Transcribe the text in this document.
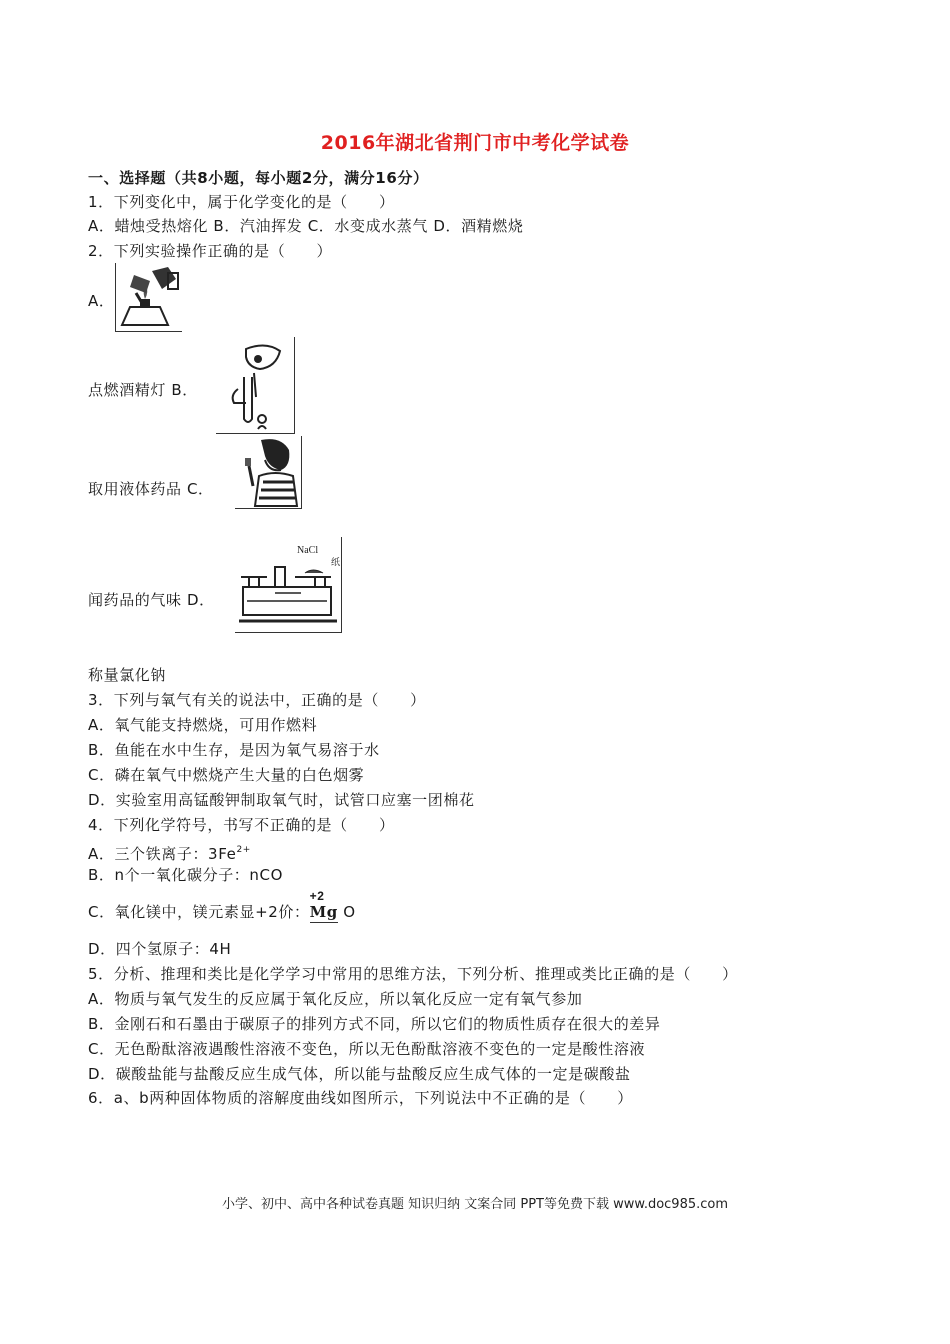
2016年湖北省荆门市中考化学试卷
一、选择题（共8小题，每小题2分，满分16分）
1．下列变化中，属于化学变化的是（　　）
A．蜡烛受热熔化 B．汽油挥发 C．水变成水蒸气 D．酒精燃烧
2．下列实验操作正确的是（　　）
A．
点燃酒精灯 B．
取用液体药品 C．
闻药品的气味 D．
NaCl
纸
称量氯化钠
3．下列与氧气有关的说法中，正确的是（　　）
A．氧气能支持燃烧，可用作燃料
B．鱼能在水中生存，是因为氧气易溶于水
C．磷在氧气中燃烧产生大量的白色烟雾
D．实验室用高锰酸钾制取氧气时，试管口应塞一团棉花
4．下列化学符号，书写不正确的是（　　）
A．三个铁离子：$3Fe^{2+}$
B．n个一氧化碳分子：nCO
C．氧化镁中，镁元素显+2价：
+2
Mg O
D．四个氢原子：4H
5．分析、推理和类比是化学学习中常用的思维方法，下列分析、推理或类比正确的是（　　）
A．物质与氧气发生的反应属于氧化反应，所以氧化反应一定有氧气参加
B．金刚石和石墨由于碳原子的排列方式不同，所以它们的物质性质存在很大的差异
C．无色酚酞溶液遇酸性溶液不变色，所以无色酚酞溶液不变色的一定是酸性溶液
D．碳酸盐能与盐酸反应生成气体，所以能与盐酸反应生成气体的一定是碳酸盐
6．a、b两种固体物质的溶解度曲线如图所示，下列说法中不正确的是（　　）
小学、初中、高中各种试卷真题 知识归纳 文案合同 PPT等免费下载 www.doc985.com
